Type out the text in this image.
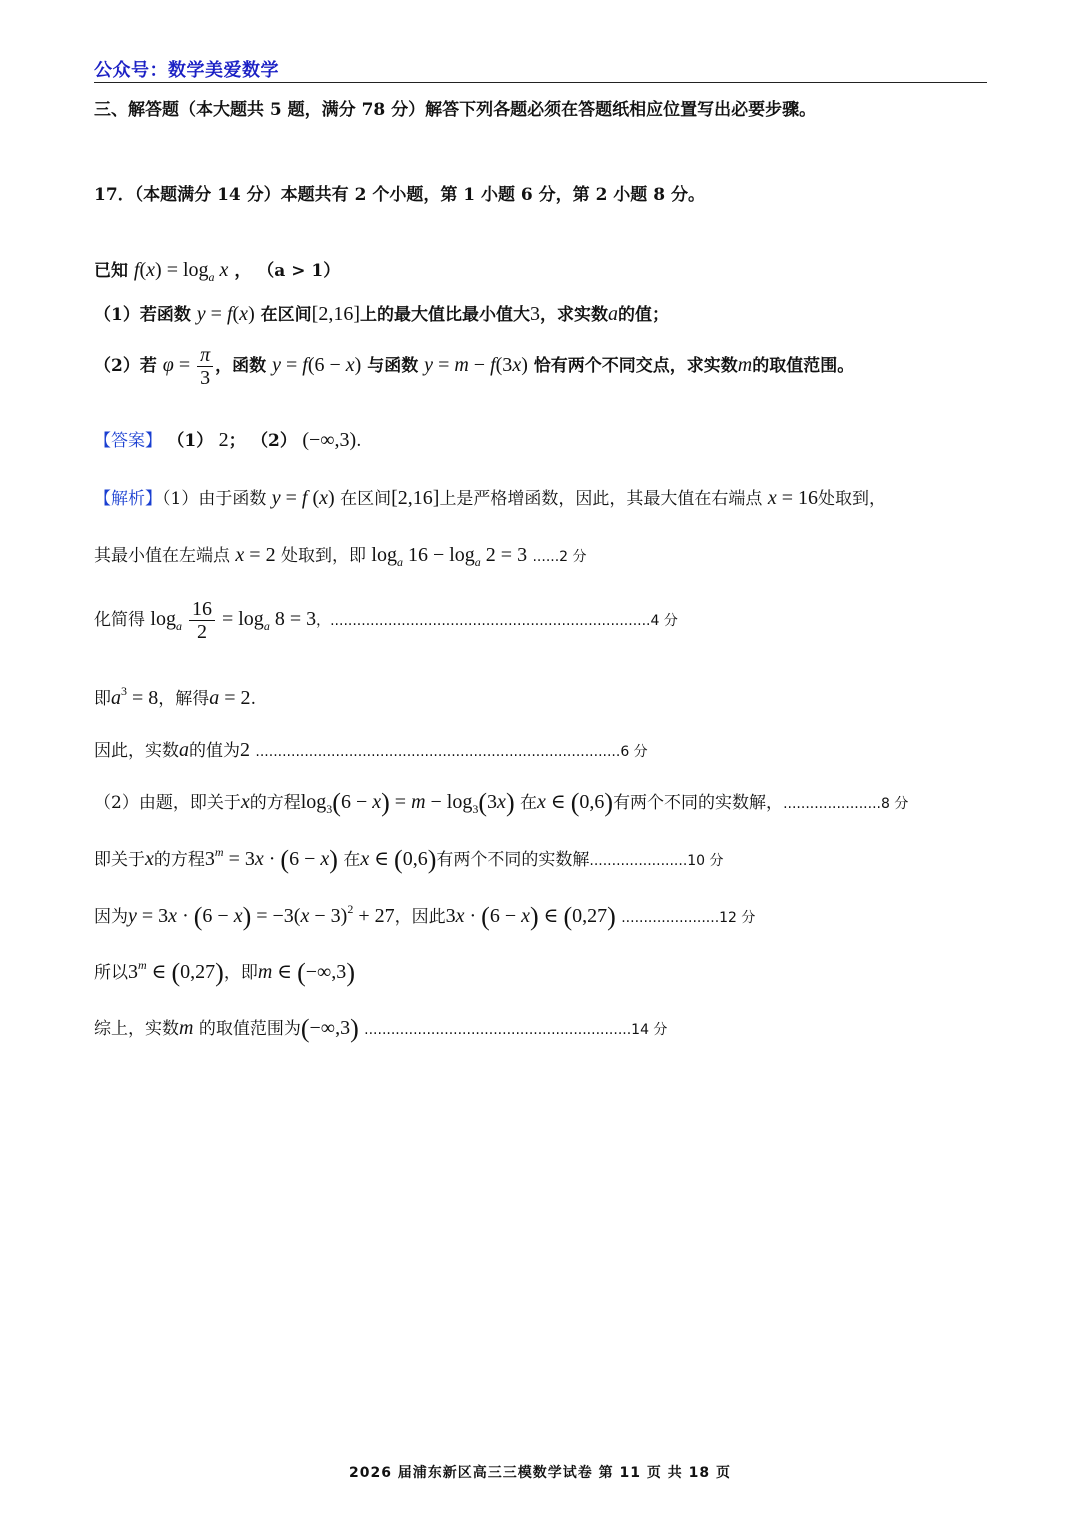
公众号：数学美爱数学
三、解答题（本大题共 5 题，满分 78 分）解答下列各题必须在答题纸相应位置写出必要步骤。
17．（本题满分 14 分）本题共有 2 个小题，第 1 小题 6 分，第 2 小题 8 分。
已知 $f(x) = \log_a x$ ， （a > 1）
（1）若函数 y = f(x) 在区间[2,16]上的最大值比最小值大3，求实数a的值；
（2）若 $\varphi = \frac{\pi}{3}$ ，函数 y = f(6 − x) 与函数 y = m − f(3x) 恰有两个不同交点，求实数m的取值范围。
【答案】 （1） 2； （2） (−∞,3).
【解析】（1）由于函数 y = f (x) 在区间[2,16]上是严格增函数，因此，其最大值在右端点 x = 16处取到，
其最小值在左端点 x = 2 处取到，即 $\log_a 16 - \log_a 2 = 3$ ......2 分
化简得 $\log_a \frac{16}{2} = \log_a 8 = 3$，........................................................................4 分
即$a^3 = 8$，解得a = 2.
因此，实数a的值为2 ..................................................................................6 分
（2）由题，即关于x的方程$\log_3(6 - x) = m - \log_3(3x)$ 在x ∈ (0,6)有两个不同的实数解，......................8 分
即关于x的方程$3^m = 3x \cdot (6 - x)$ 在x ∈ (0,6)有两个不同的实数解......................10 分
因为$y = 3x \cdot (6 - x) = -3(x - 3)^2 + 27$，因此3x · (6 − x) ∈ (0,27) ......................12 分
所以3$^m$ ∈ (0,27)，即m ∈ (−∞,3)
综上，实数m 的取值范围为(−∞,3) ............................................................14 分
2026 届浦东新区高三三模数学试卷 第 11 页 共 18 页
